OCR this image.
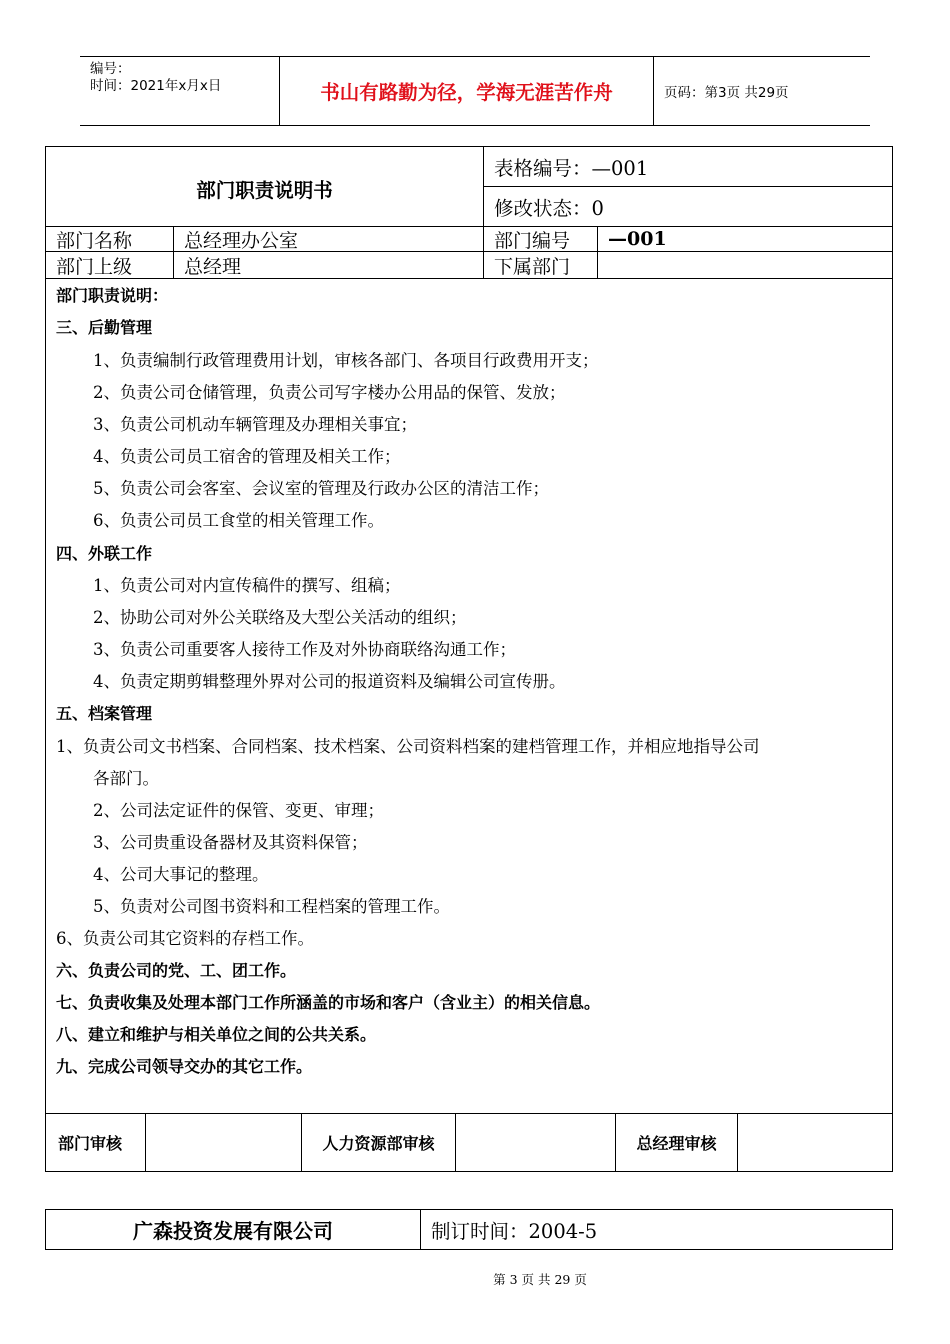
编号：
时间：2021年x月x日	书山有路勤为径，学海无涯苦作舟	页码：第3页 共29页
部门职责说明书
表格编号：—001
修改状态：0
部门名称	总经理办公室	部门编号	—001
部门上级	总经理	下属部门
部门职责说明：
三、后勤管理
1、负责编制行政管理费用计划，审核各部门、各项目行政费用开支；
2、负责公司仓储管理，负责公司写字楼办公用品的保管、发放；
3、负责公司机动车辆管理及办理相关事宜；
4、负责公司员工宿舍的管理及相关工作；
5、负责公司会客室、会议室的管理及行政办公区的清洁工作；
6、负责公司员工食堂的相关管理工作。
四、外联工作
1、负责公司对内宣传稿件的撰写、组稿；
2、协助公司对外公关联络及大型公关活动的组织；
3、负责公司重要客人接待工作及对外协商联络沟通工作；
4、负责定期剪辑整理外界对公司的报道资料及编辑公司宣传册。
五、档案管理
1、负责公司文书档案、合同档案、技术档案、公司资料档案的建档管理工作，并相应地指导公司
各部门。
2、公司法定证件的保管、变更、审理；
3、公司贵重设备器材及其资料保管；
4、公司大事记的整理。
5、负责对公司图书资料和工程档案的管理工作。
6、负责公司其它资料的存档工作。
六、负责公司的党、工、团工作。
七、负责收集及处理本部门工作所涵盖的市场和客户（含业主）的相关信息。
八、建立和维护与相关单位之间的公共关系。
九、完成公司领导交办的其它工作。
部门审核	人力资源部审核	总经理审核
广森投资发展有限公司	制订时间：2004-5
第 3 页 共 29 页
